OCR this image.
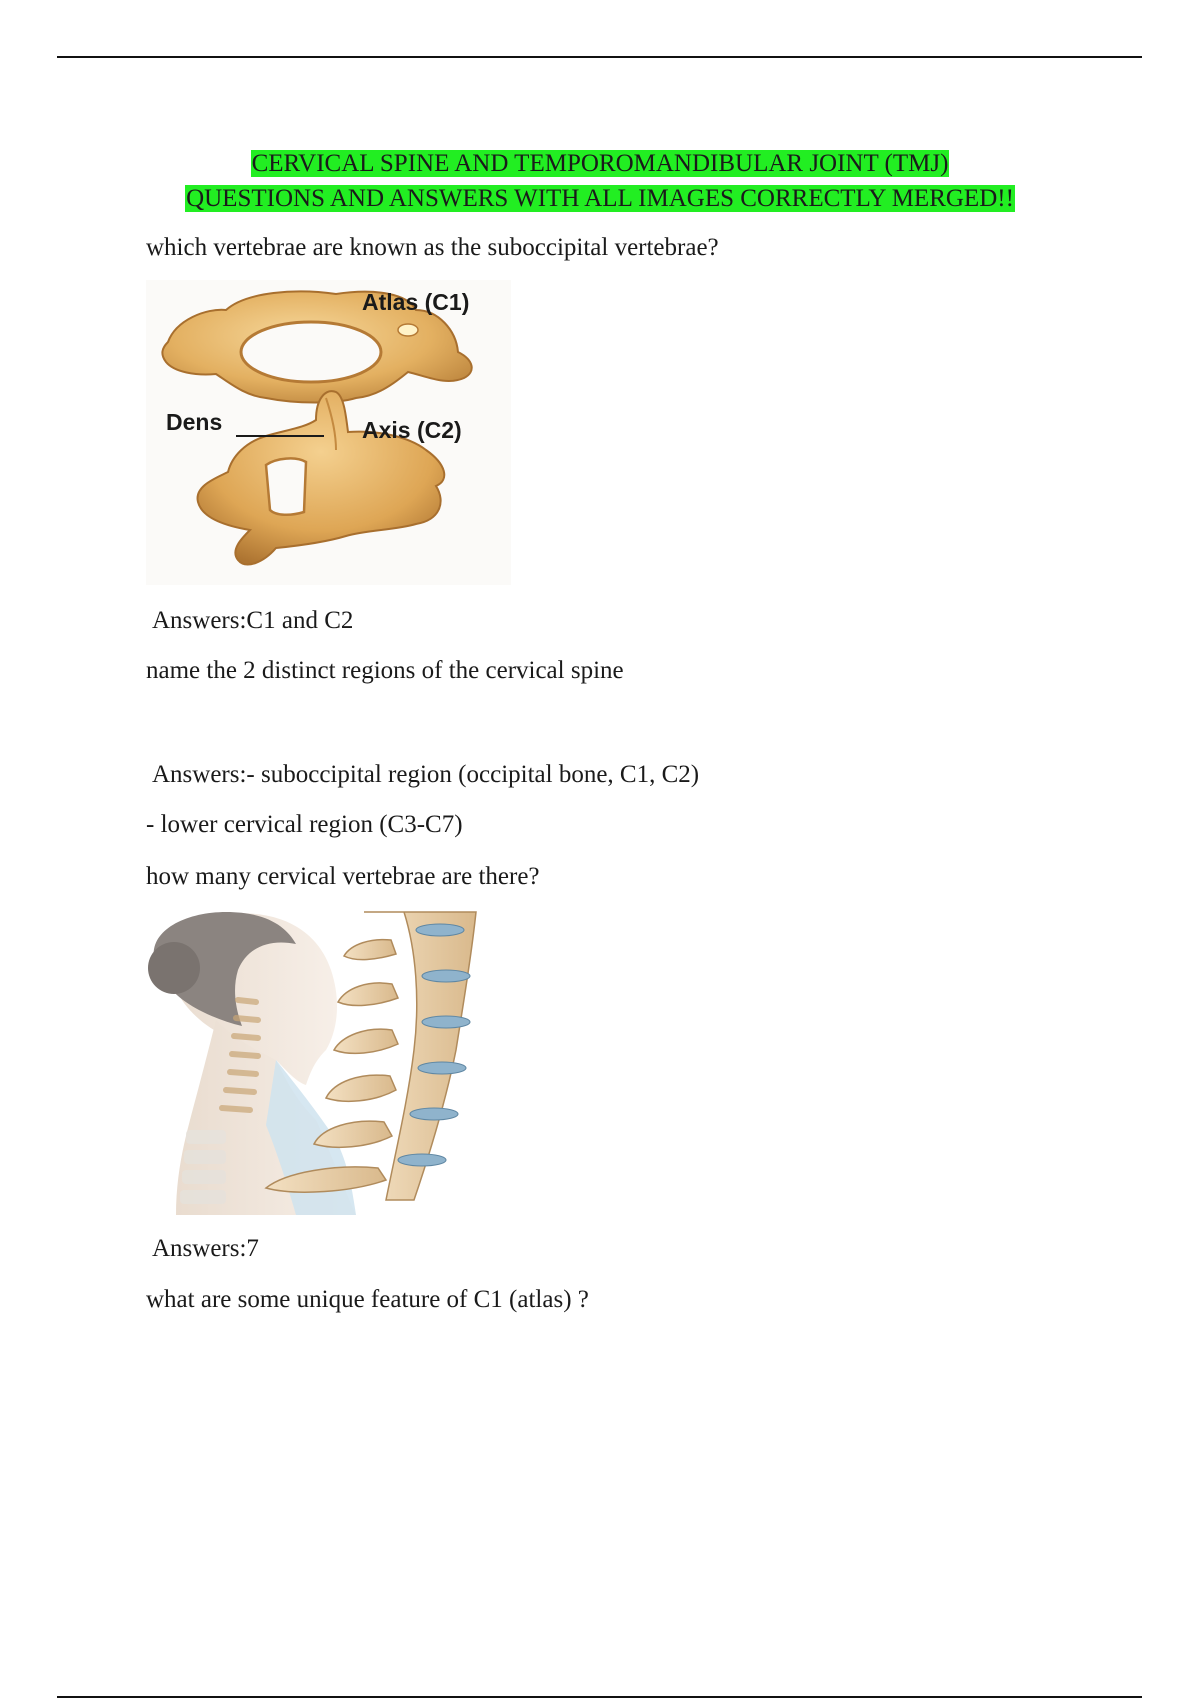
CERVICAL SPINE AND TEMPOROMANDIBULAR JOINT (TMJ)
QUESTIONS AND ANSWERS WITH ALL IMAGES CORRECTLY MERGED!!
which vertebrae are known as the suboccipital vertebrae?
Atlas (C1)
Dens	Axis (C2)
Answers:C1 and C2
name the 2 distinct regions of the cervical spine
Answers:- suboccipital region (occipital bone, C1, C2)
- lower cervical region (C3-C7)
how many cervical vertebrae are there?
Answers:7
what are some unique feature of C1 (atlas) ?
